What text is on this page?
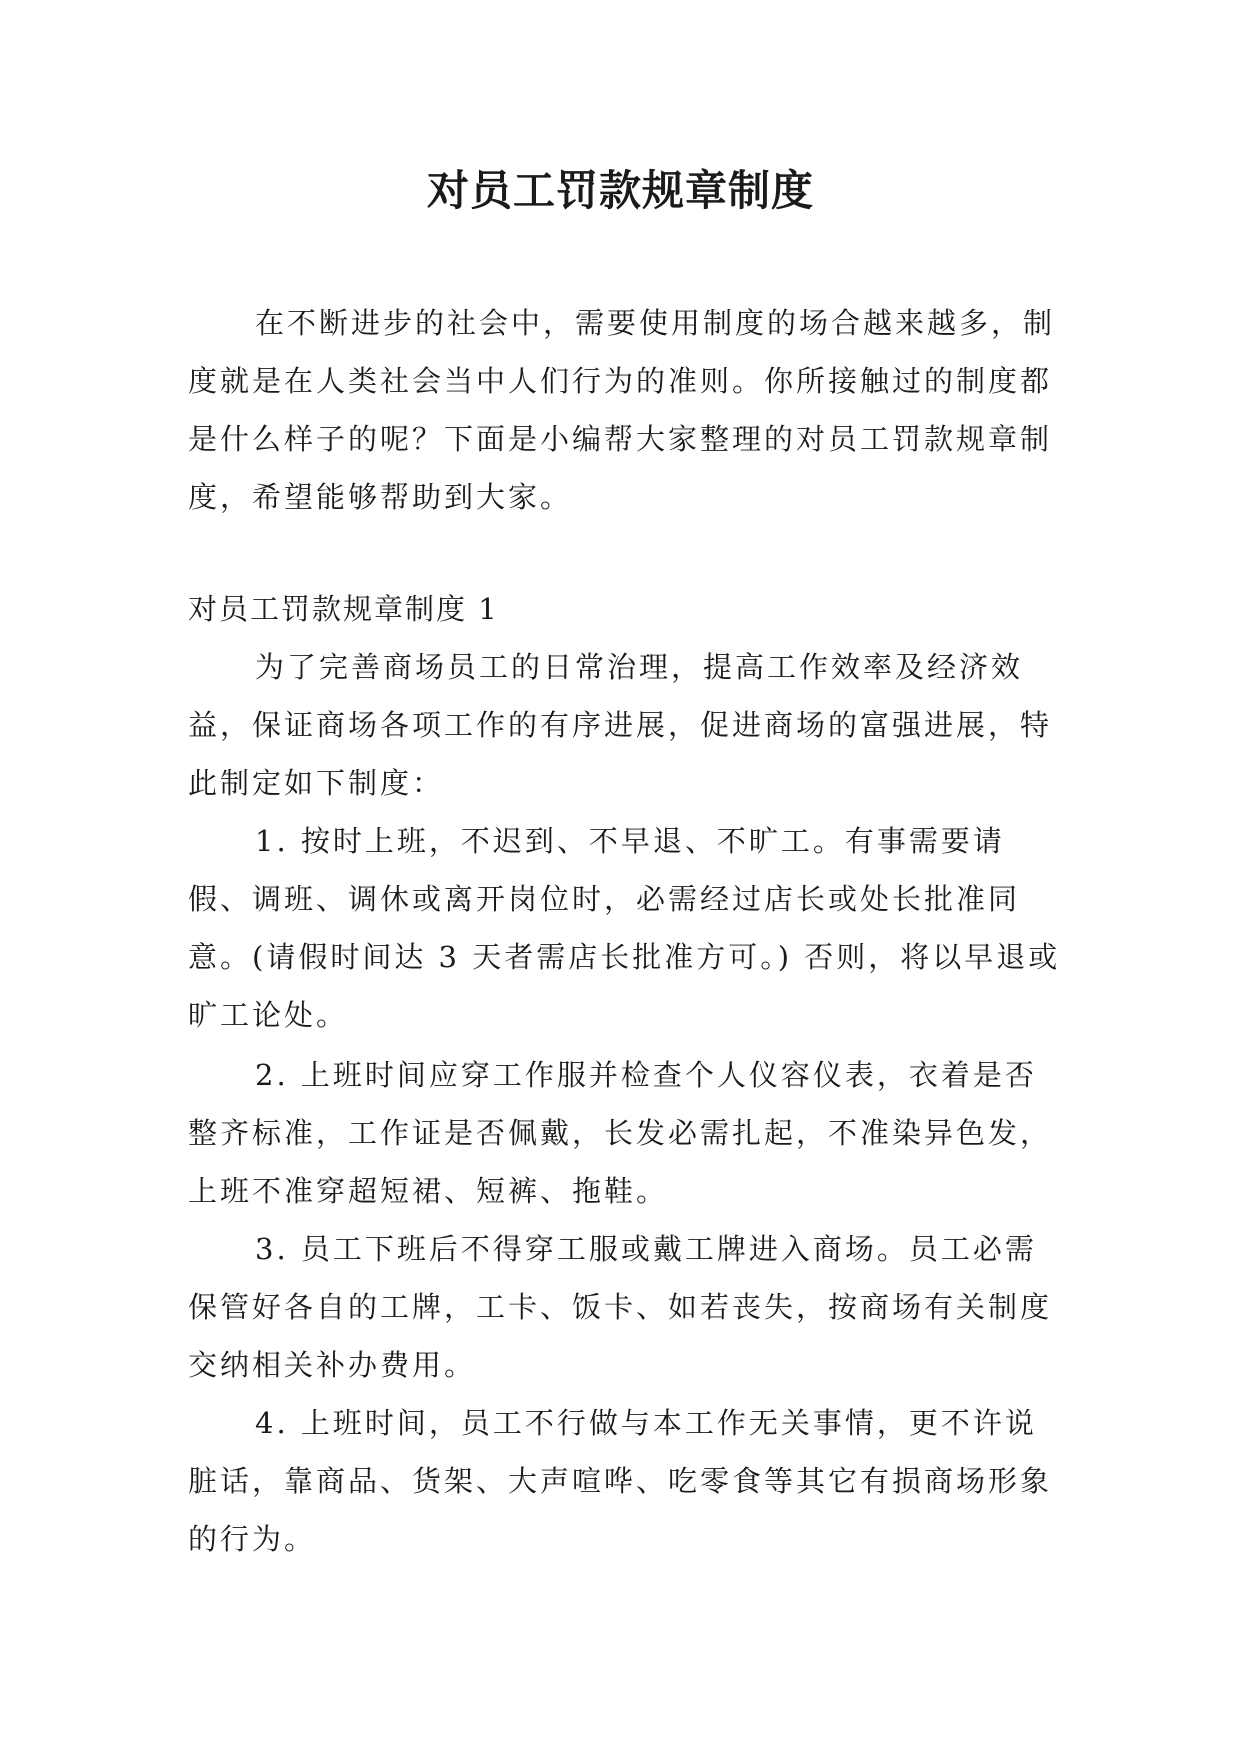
对员工罚款规章制度

在不断进步的社会中，需要使用制度的场合越来越多，制度就是在人类社会当中人们行为的准则。你所接触过的制度都是什么样子的呢？下面是小编帮大家整理的对员工罚款规章制度，希望能够帮助到大家。

对员工罚款规章制度 1

为了完善商场员工的日常治理，提高工作效率及经济效益，保证商场各项工作的有序进展，促进商场的富强进展，特此制定如下制度：

1. 按时上班，不迟到、不早退、不旷工。有事需要请假、调班、调休或离开岗位时，必需经过店长或处长批准同意。(请假时间达 3 天者需店长批准方可。) 否则，将以早退或旷工论处。

2. 上班时间应穿工作服并检查个人仪容仪表，衣着是否整齐标准，工作证是否佩戴，长发必需扎起，不准染异色发，上班不准穿超短裙、短裤、拖鞋。

3. 员工下班后不得穿工服或戴工牌进入商场。员工必需保管好各自的工牌，工卡、饭卡、如若丧失，按商场有关制度交纳相关补办费用。

4. 上班时间，员工不行做与本工作无关事情，更不许说脏话，靠商品、货架、大声喧哗、吃零食等其它有损商场形象的行为。
